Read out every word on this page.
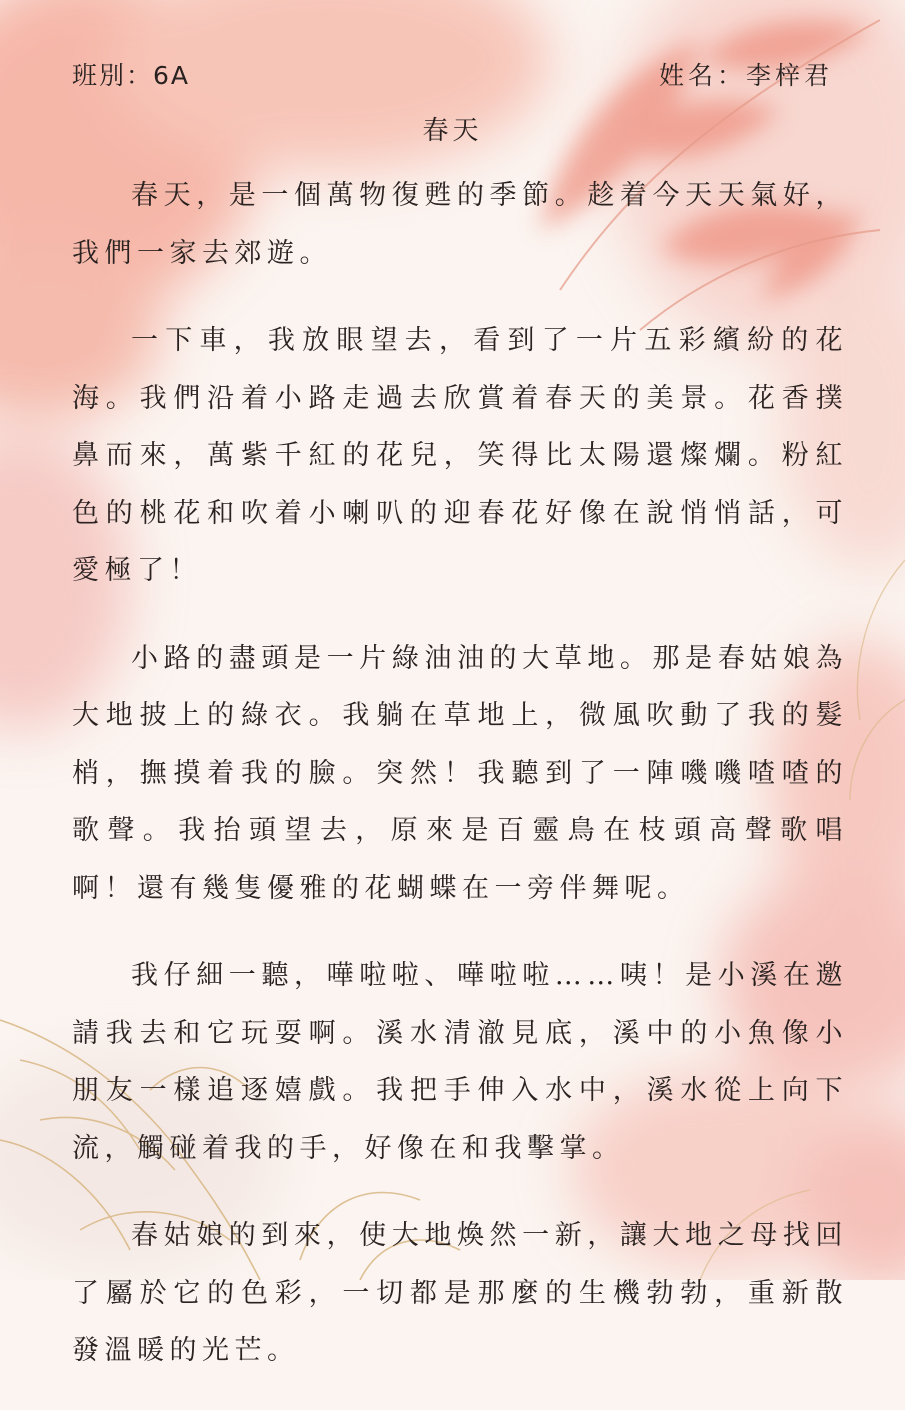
班別：6A	姓名：李梓君
春天

春天，是一個萬物復甦的季節。趁着今天天氣好，我們一家去郊遊。

一下車，我放眼望去，看到了一片五彩繽紛的花海。我們沿着小路走過去欣賞着春天的美景。花香撲鼻而來，萬紫千紅的花兒，笑得比太陽還燦爛。粉紅色的桃花和吹着小喇叭的迎春花好像在說悄悄話，可愛極了！

小路的盡頭是一片綠油油的大草地。那是春姑娘為大地披上的綠衣。我躺在草地上，微風吹動了我的髮梢，撫摸着我的臉。突然！我聽到了一陣嘰嘰喳喳的歌聲。我抬頭望去，原來是百靈鳥在枝頭高聲歌唱啊！還有幾隻優雅的花蝴蝶在一旁伴舞呢。

我仔細一聽，嘩啦啦、嘩啦啦……咦！是小溪在邀請我去和它玩耍啊。溪水清澈見底，溪中的小魚像小朋友一樣追逐嬉戲。我把手伸入水中，溪水從上向下流，觸碰着我的手，好像在和我擊掌。

春姑娘的到來，使大地煥然一新，讓大地之母找回了屬於它的色彩，一切都是那麼的生機勃勃，重新散發溫暖的光芒。
